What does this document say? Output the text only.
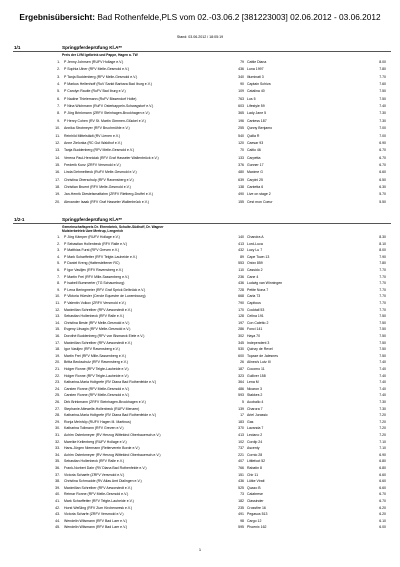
Ergebnisübersicht: Bad Rothenfelde,PLS vom 02.-03.06.2 [381223003] 02.06.2012 - 03.06.2012
Stand: 03.06.2012 / 18:05:19
1/1	Springpferdeprüfung Kl.A**
Preis der LVM Igelbrink und Pappe, Hagen a. TW
1. P Jenny Johnsen (RUFV Hollage e.V.)	79 Cattle Diana	8.00
2. P Sophia Ulner (RFV Melle-Gesmold e.V.)	436 Luna 1997	7.80
3. P Tanja Buddenberg (RFV Melle-Gesmold e.V.)	340 Illuminati 3	7.70
4. P Markus Hellenhoff (RuV Sankt Barbara Bad Iburg e.V.)	90 Captain Schiva	7.60
5. P Carolyn Rautle (RuFV Bad Iburg e.V.)	109 Catalina 40	7.50
6. P Nadine Thielemann (RuFV Bissendorf Holte)	763 Lus 5	7.50
7. P Nina Wichmann (RuFV Osterkappeln-Schwagstorf e.V.)	603 Lifestyle 59	7.40
8. P Jörg Brinkmann (ZRFV Steinhagen-Brockhagen e.V.)	365 Lady Jane 5	7.30
9. P Henry Cohen (RV St. Martin Gimmen-Glückel e.V.)	196 Cantess 187	7.30
10. Annika Strotmeyer (RFV Bruchmühle e.V.)	255 Qunny Benjamo	7.00
11. Reinhild Mittelstädt (RV Lienen e.V.)	540 Quilla R	7.00
12. Anne Zielonka (RC Gut Waldhof e.V.)	120 Caesar 93	6.90
13. Tanja Buddenberg (RFV Melle-Gesmold e.V.)	70 Caitlo 46	6.70
14. Verena Paul-Henriciak (RFV Graf Hasseler Wallenbrück e.V.)	133 Carpetta	6.70
15. Frederik Kunz (ZRFV Versmold e.V.)	376 Gunner 17	6.70
16. Linda Dehmelbeck (RuFV Melle-Gesmold e.V.)	480 Maxime G	6.60
17. Christina Oberschulp (RFV Ravensberg e.V.)	639 Carpini 25	6.50
18. Christian Bruent (RFV Melle-Gesmold e.V.)	138 Cantetta 6	6.30
19. Jan-Henrik Diestelsmatfahm (ZRFV Rietberg-Druffel e.V.)	490 Live on stage 2	5.70
20. Alexander Isaak (RFV Graf Hasseler Wallenbrück e.V.)	155 Cest mon Coeur	5.50
1/2-1	Springpferdeprüfung Kl.A**
Gemeinschaftspreis Dr. Ehrenbrink, Schulte-Südhoff, Dr. Wagner
Mulsterbetrieb Uwe Mertrup, Lengerich
1. P Jörg Kämper (RUFV Hollage e.V.)	140 Chandra A	8.30
2. P Sebastian Hollenbeck (RFV Ralle e.V.)	413 Lord-Luca	8.10
3. P Matthias Furst (RFV Greven e.V.)	432 Lucy Lu 7	8.00
4. P Mark Scharffetter (RFV Telgte-Lauheide e.V.)	89 Cape Town 13	7.90
5. P Daniel Kreng (Hattersleltener RC)	553 Onixx 859	7.80
6. P Igor Vasiljev (RFV Ravensberg e.V.)	110 Cassido 2	7.70
7. P Martin Frei (RFV Mille-Sassenberg e.V.)	236 Cane 4	7.70
8. P Isabell Bummerler (TG Schaumburg)	436 Ludwig van Winningen	7.70
9. P Lena Beringmeier (RFV Graf Sprick Delbrück e.V.)	728 Petite Nona 7	7.70
10. P Viktoria Hüesler (Cercle Equestre de Luxembourg)	668 Carla 73	7.70
11. P Valentin Volkov (ZRFV Versmold e.V.)	790 Capitous	7.70
12. Maximilian Schreiber (RFV Aeworstedt e.V.)	170 Cocktail 53	7.70
13. Sebastian Hollenbeck (RFV Ralle e.V.)	128 Celina 191	7.50
14. Christina Beste (RFV Melle-Gesmold e.V.)	197 Con Caletto 2	7.50
15. Evgeny Litvagin (RFV Melle-Gesmold e.V.)	286 Fonci 141	7.50
16. Dorothé Buddenberg (RFV von Bismarck Eiele e.V.)	302 Haya 70	7.50
17. Maximilian Schreiber (RFV Aeworstedt e.V.)	345 Independent 3	7.50
18. Igor Vasiljev (RFV Ravensberg e.V.)	530 Quinzy de Revel	7.50
19. Martin Frei (RFV Mille-Sassenberg e.V.)	600 Topaze de Jalesnes	7.50
20. Britta Beckschulz (RFV Ravensberg e.V.)	26 Alinea's Lutz III	7.40
21. Holger Ronne (RFV Telgte-Lauheide e.V.)	187 Cocomo 11	7.40
22. Holger Ronne (RFV Telgte-Lauheide e.V.)	323 Gulliver 158	7.40
23. Katharina-Maria Holtgrefe (RV Diana Bad Rothenfelde e.V.)	364 Lena M	7.40
24. Carsten Ronne (RFV Melle-Gesmold e.V.)	486 Nicaron 3	7.40
25. Carsten Ronne (RFV Melle-Gesmold e.V.)	593 Stakkes 2	7.40
26. Dirk Brinkmann (ZRFV Steinhagen-Brockhagen e.V.)	5 Acoballo 4	7.30
27. Stephanie Altewelle-Hollenbeck (RUFV Menzen)	139 Charora 7	7.30
28. Katharina-Maria Holtgrefe (RV Diana Bad Rothenfelde e.V.)	17 Ariel Jurassic	7.20
29. Ronja Meinhöp (RUFV Hagen III. Martinus)	183 Gas	7.20
30. Katharina Tollmann (RFV Greven e.V.)	370 Lavanda 7	7.20
31. Achim Osterkmeyer (RV Herzog Wittekind Oberbauersch.e.V.)	413 Leciano 2	7.20
32. Mareike Kellenberg (RUFV Hollage e.V.)	102 Cordip 24	7.10
33. Hans-Jürgen Niermann (Reiterverein Borde e.V.)	737 Ascenty	7.10
34. Achim Osterkmeyer (RV Herzog Wittekind Oberbauersch.e.V.)	221 Cornio 28	6.90
35. Sebastian Hollenbeck (RFV Ralle e.V.)	407 Littlefoot 52	6.80
36. Frank-Norbert Dahr (RV Diana Bad Rothenfelde e.V.)	766 Rabatin 8	6.80
37. Victoria Schaefe (ZRFV Versmold e.V.)	151 Chir 11	6.60
38. Christina Schmudde (RV Atlas Amt Dialingen e.V.)	436 Lütke Virati	6.60
39. Maximilian Schreiber (RFV Aeworstedt e.V.)	525 Quazo B	6.60
40. Reimar Ronne (RFV Melle-Gesmold e.V.)	73 Calabrese	6.70
41. Mark Scharffetter (RFV Telgte-Lauheide e.V.)	182 Classinder	6.70
42. Horst Weßling (RFV Zum Kirchenwesk e.V.)	235 Crossfire 16	6.20
43. Victoria Scharfe (ZRFV Versmold e.V.)	491 Pegasus 513	6.20
44. Wendelin Wilsmann (RFV Bad Laer e.V.)	98 Cargo 12	6.10
45. Wendelin Wilsmann (RFV Bad Laer e.V.)	595 Phoenix 162	6.00
1
